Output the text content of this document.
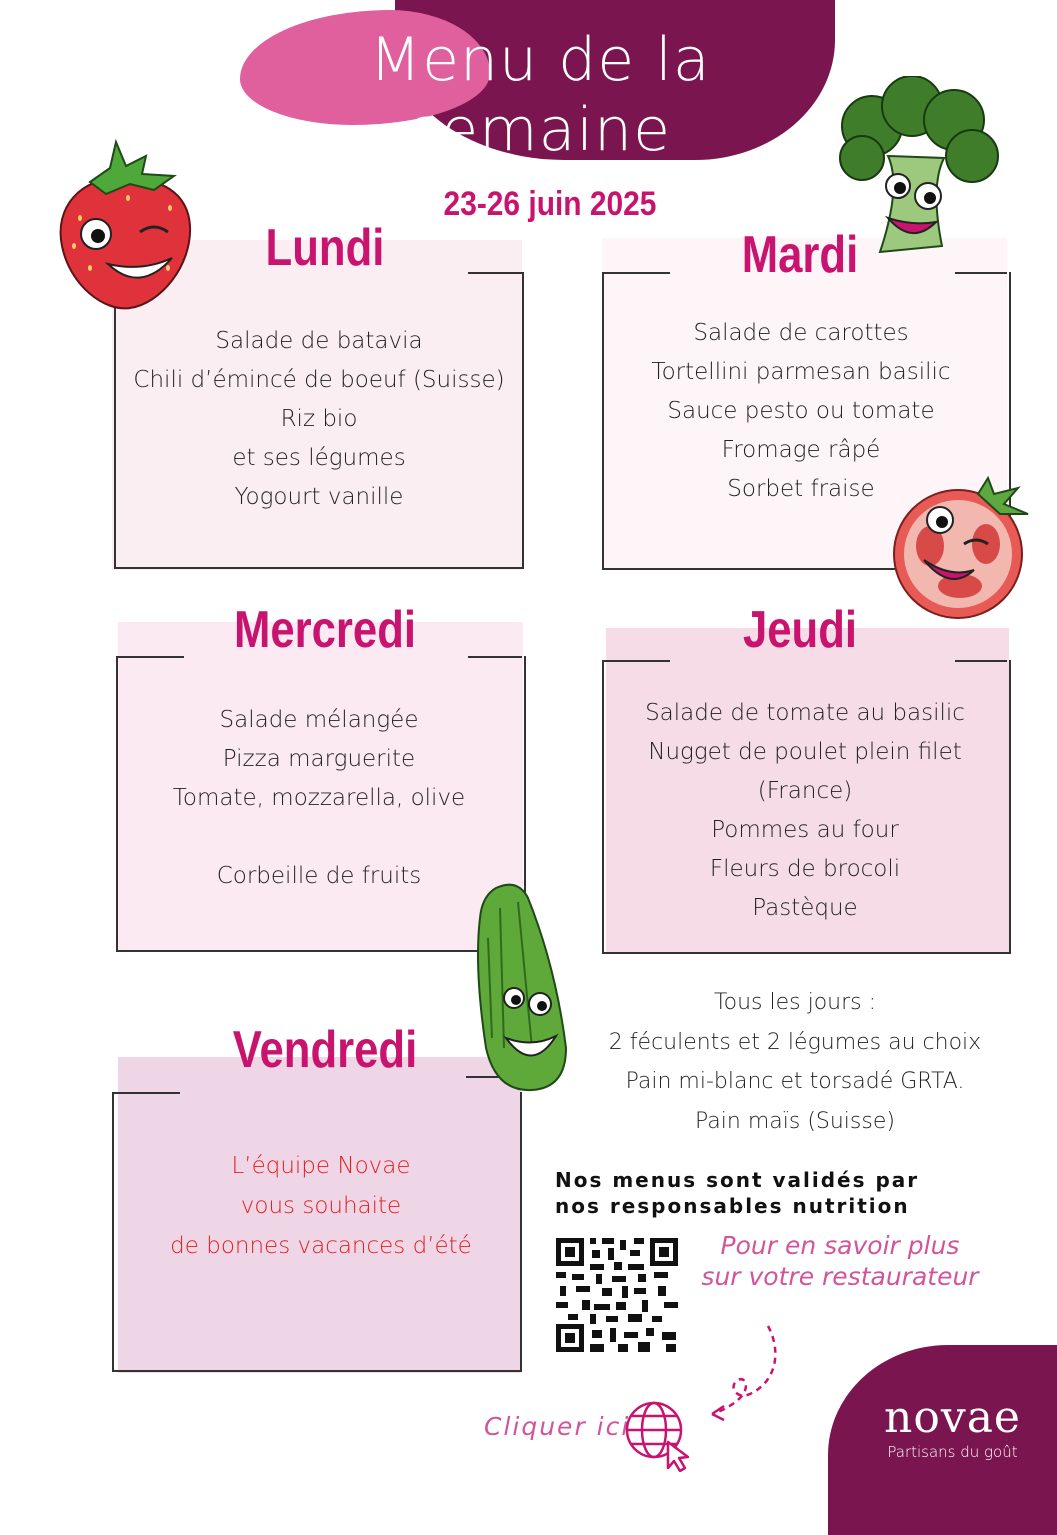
Menu de la semaine
23-26 juin 2025
Lundi
Salade de batavia
Chili d’émincé de boeuf (Suisse)
Riz bio
et ses légumes
Yogourt vanille
Mardi
Salade de carottes
Tortellini parmesan basilic
Sauce pesto ou tomate
Fromage râpé
Sorbet fraise
Mercredi
Salade mélangée
Pizza marguerite
Tomate, mozzarella, olive
Corbeille de fruits
Jeudi
Salade de tomate au basilic
Nugget de poulet plein filet
(France)
Pommes au four
Fleurs de brocoli
Pastèque
Vendredi
L’équipe Novae
vous souhaite
de bonnes vacances d’été
Tous les jours :
2 féculents et 2 légumes au choix
Pain mi-blanc et torsadé GRTA.
Pain maïs (Suisse)
Nos menus sont validés par
nos responsables nutrition
Pour en savoir plus
sur votre restaurateur
Cliquer ici	novae
Partisans du goût
